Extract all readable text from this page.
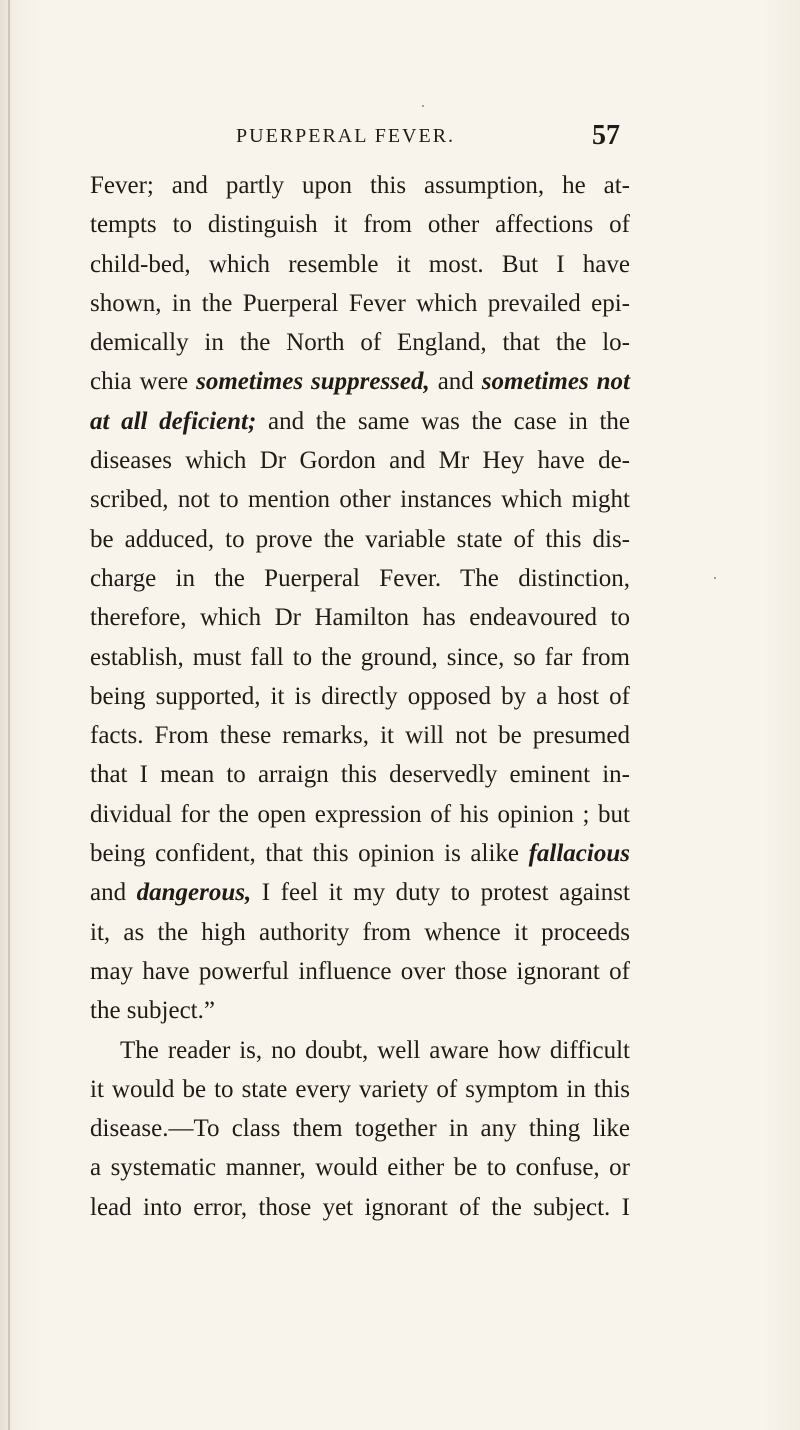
PUERPERAL FEVER.	57
Fever; and partly upon this assumption, he at-
tempts to distinguish it from other affections of
child-bed, which resemble it most. But I have
shown, in the Puerperal Fever which prevailed epi-
demically in the North of England, that the lo-
chia were sometimes suppressed, and sometimes not
at all deficient; and the same was the case in the
diseases which Dr Gordon and Mr Hey have de-
scribed, not to mention other instances which might
be adduced, to prove the variable state of this dis-
charge in the Puerperal Fever. The distinction,
therefore, which Dr Hamilton has endeavoured to
establish, must fall to the ground, since, so far from
being supported, it is directly opposed by a host of
facts. From these remarks, it will not be presumed
that I mean to arraign this deservedly eminent in-
dividual for the open expression of his opinion ; but
being confident, that this opinion is alike fallacious
and dangerous, I feel it my duty to protest against
it, as the high authority from whence it proceeds
may have powerful influence over those ignorant of
the subject.”
The reader is, no doubt, well aware how difficult
it would be to state every variety of symptom in this
disease.—To class them together in any thing like
a systematic manner, would either be to confuse, or
lead into error, those yet ignorant of the subject. I
·
·
